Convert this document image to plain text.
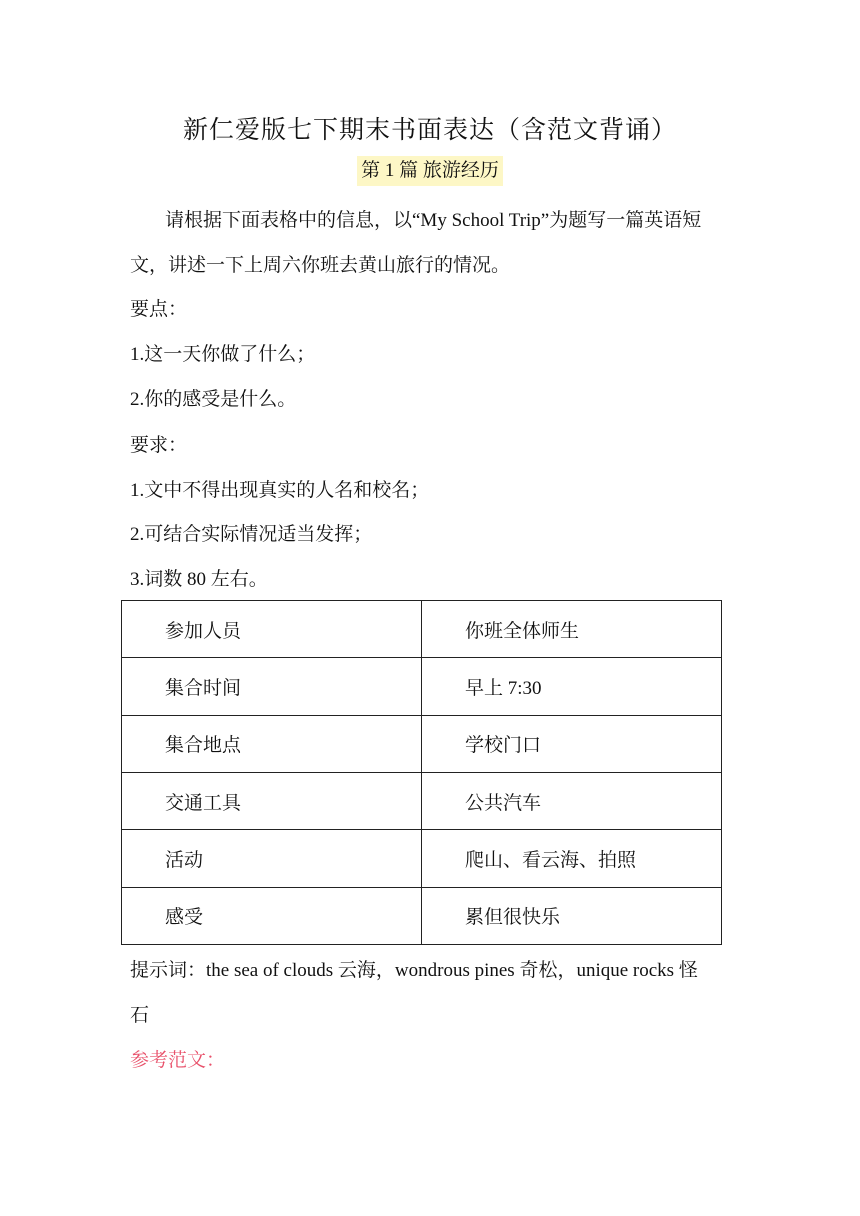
新仁爱版七下期末书面表达（含范文背诵）
第 1 篇 旅游经历
请根据下面表格中的信息，以“My School Trip”为题写一篇英语短
文，讲述一下上周六你班去黄山旅行的情况。
要点：
1.这一天你做了什么；
2.你的感受是什么。
要求：
1.文中不得出现真实的人名和校名；
2.可结合实际情况适当发挥；
3.词数 80 左右。
参加人员	你班全体师生
集合时间	早上 7:30
集合地点	学校门口
交通工具	公共汽车
活动	爬山、看云海、拍照
感受	累但很快乐
提示词：the sea of clouds 云海，wondrous pines 奇松，unique rocks 怪
石
参考范文：
